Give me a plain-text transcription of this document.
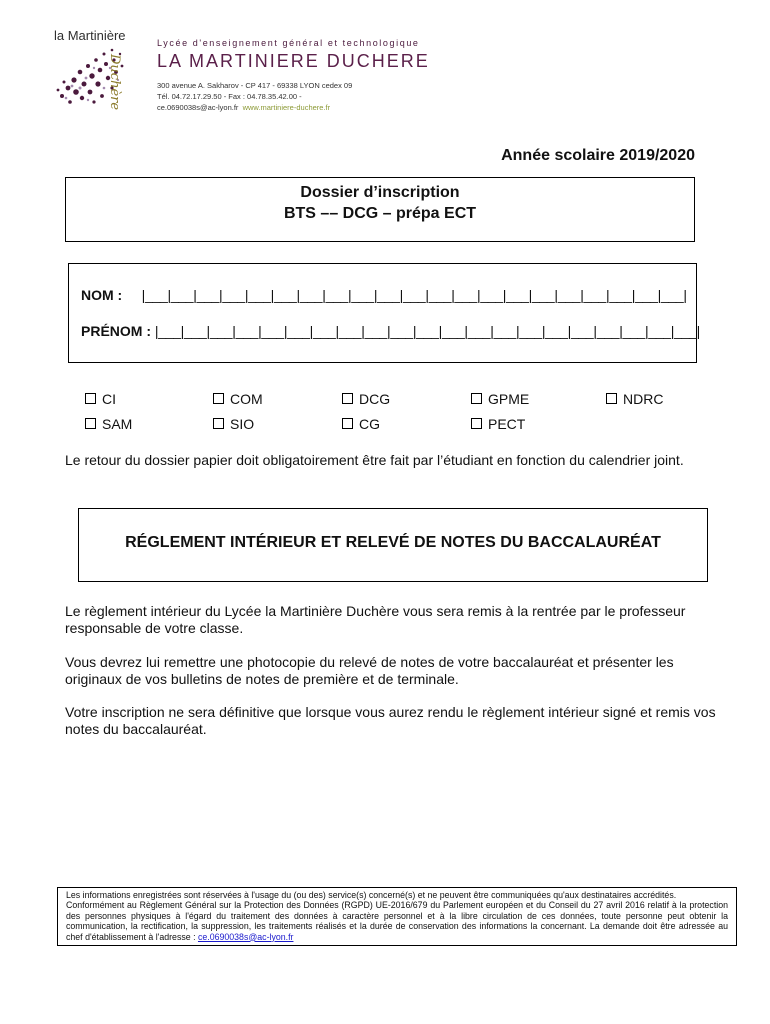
la Martinière
Duchère
Lycée d'enseignement général et technologique
LA MARTINIERE DUCHERE
300 avenue A. Sakharov - CP 417 - 69338 LYON cedex 09
Tél. 04.72.17.29.50 - Fax : 04.78.35.42.00 -
ce.0690038s@ac-lyon.fr www.martiniere-duchere.fr
Année scolaire 2019/2020
Dossier d’inscription
BTS –– DCG – prépa ECT
NOM : |___|___|___|___|___|___|___|___|___|___|___|___|___|___|___|___|___|___|___|___|___|
PRÉNOM : |___|___|___|___|___|___|___|___|___|___|___|___|___|___|___|___|___|___|___|___|___|
CI	COM	DCG	GPME	NDRC
SAM	SIO	CG	PECT
Le retour du dossier papier doit obligatoirement être fait par l’étudiant en fonction du calendrier joint.
RÉGLEMENT INTÉRIEUR ET RELEVÉ DE NOTES DU BACCALAURÉAT
Le règlement intérieur du Lycée la Martinière Duchère vous sera remis à la rentrée par le professeur responsable de votre classe.
Vous devrez lui remettre une photocopie du relevé de notes de votre baccalauréat et présenter les originaux de vos bulletins de notes de première et de terminale.
Votre inscription ne sera définitive que lorsque vous aurez rendu le règlement intérieur signé et remis vos notes du baccalauréat.
Les informations enregistrées sont réservées à l'usage du (ou des) service(s) concerné(s) et ne peuvent être communiquées qu'aux destinataires accrédités.
Conformément au Règlement Général sur la Protection des Données (RGPD) UE-2016/679 du Parlement européen et du Conseil du 27 avril 2016 relatif à la protection des personnes physiques à l'égard du traitement des données à caractère personnel et à la libre circulation de ces données, toute personne peut obtenir la communication, la rectification, la suppression, les traitements réalisés et la durée de conservation des informations la concernant. La demande doit être adressée au chef d'établissement à l'adresse : ce.0690038s@ac-lyon.fr
